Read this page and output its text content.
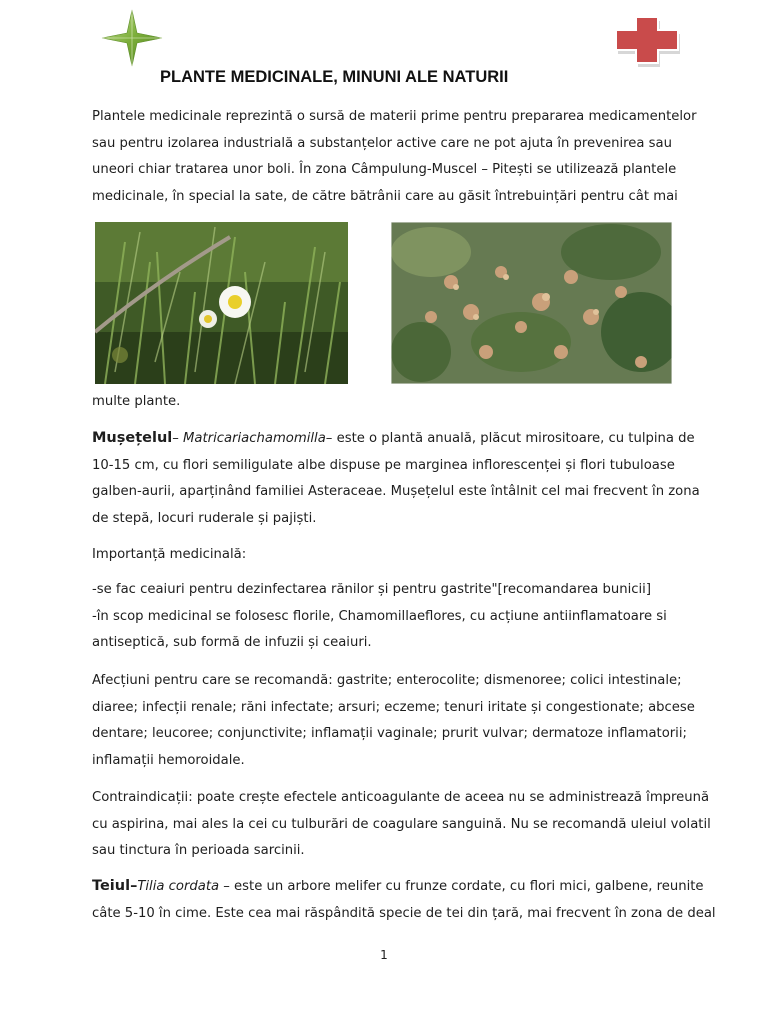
PLANTE MEDICINALE, MINUNI ALE NATURII
Plantele medicinale reprezintă o sursă de materii prime pentru prepararea medicamentelor
sau pentru izolarea industrială a substanțelor active care ne pot ajuta în prevenirea sau
uneori chiar tratarea unor boli. În zona Câmpulung-Muscel – Pitești se utilizează plantele
medicinale, în special la sate, de către bătrânii care au găsit întrebuințări pentru cât mai
multe plante.
Mușețelul– Matricariachamomilla– este o plantă anuală, plăcut mirositoare, cu tulpina de
10-15 cm, cu flori semiligulate albe dispuse pe marginea inflorescenței și flori tubuloase
galben-aurii, aparținând familiei Asteraceae. Mușețelul este întâlnit cel mai frecvent în zona
de stepă, locuri ruderale și pajiști.
Importanță medicinală:
-se fac ceaiuri pentru dezinfectarea rănilor și pentru gastrite"[recomandarea bunicii]
-în scop medicinal se folosesc florile, Chamomillaeflores, cu acțiune antiinflamatoare si
antiseptică, sub formă de infuzii și ceaiuri.
Afecțiuni pentru care se recomandă: gastrite; enterocolite; dismenoree; colici intestinale;
diaree; infecții renale; răni infectate; arsuri; eczeme; tenuri iritate și congestionate; abcese
dentare; leucoree; conjunctivite; inflamații vaginale; prurit vulvar; dermatoze inflamatorii;
inflamații hemoroidale.
Contraindicații: poate crește efectele anticoagulante de aceea nu se administrează împreună
cu aspirina, mai ales la cei cu tulburări de coagulare sanguină. Nu se recomandă uleiul volatil
sau tinctura în perioada sarcinii.
Teiul–Tilia cordata – este un arbore melifer cu frunze cordate, cu flori mici, galbene, reunite
câte 5-10 în cime. Este cea mai răspândită specie de tei din țară, mai frecvent în zona de deal
1
